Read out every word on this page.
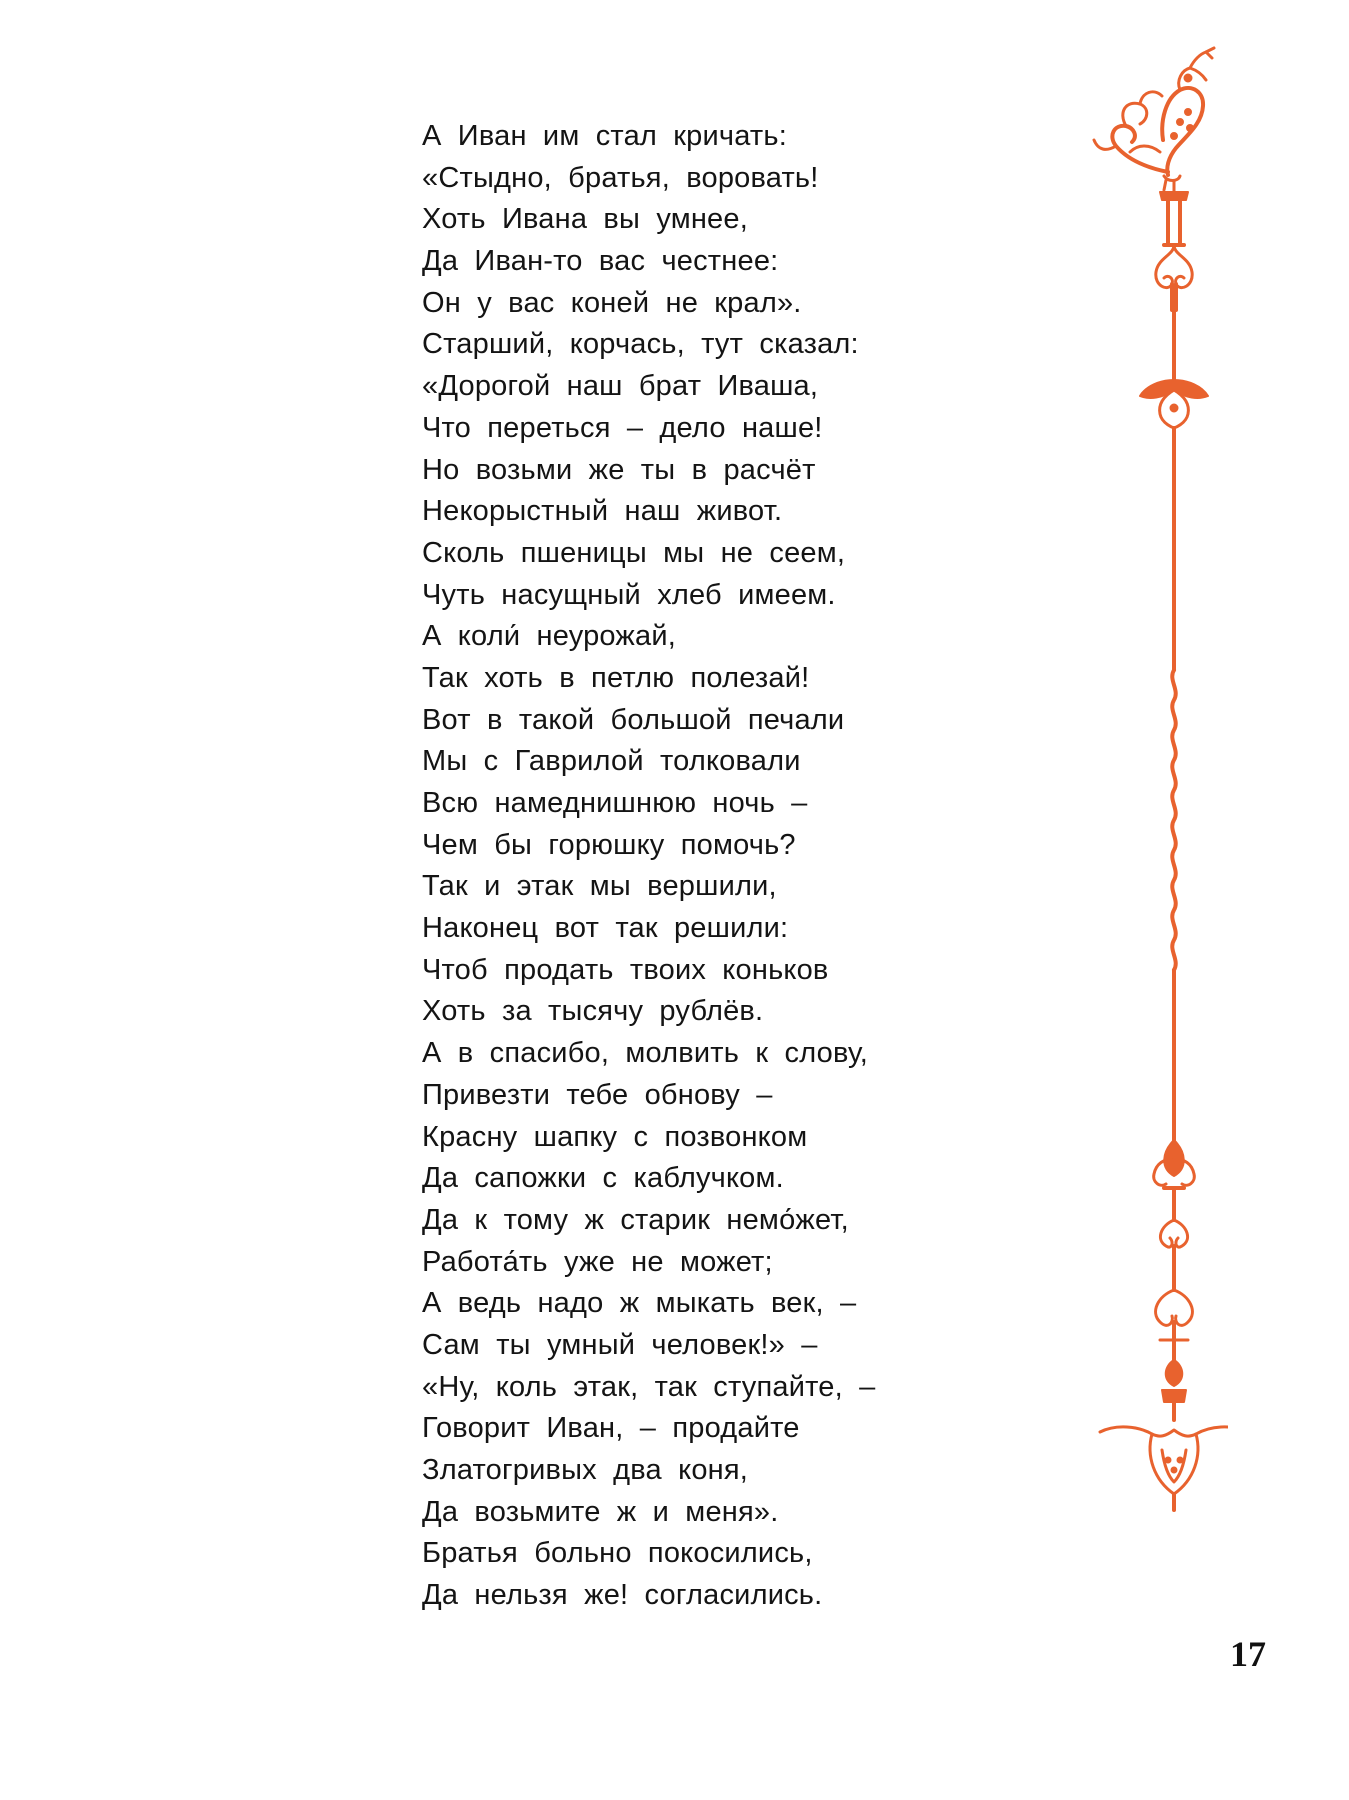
А Иван им стал кричать:
«Стыдно, братья, воровать!
Хоть Ивана вы умнее,
Да Иван-то вас честнее:
Он у вас коней не крал».
Старший, корчась, тут сказал:
«Дорогой наш брат Иваша,
Что переться – дело наше!
Но возьми же ты в расчёт
Некорыстный наш живот.
Сколь пшеницы мы не сеем,
Чуть насущный хлеб имеем.
А коли́ неурожай,
Так хоть в петлю полезай!
Вот в такой большой печали
Мы с Гаврилой толковали
Всю намеднишнюю ночь –
Чем бы горюшку помочь?
Так и этак мы вершили,
Наконец вот так решили:
Чтоб продать твоих коньков
Хоть за тысячу рублёв.
А в спасибо, молвить к слову,
Привезти тебе обнову –
Красну шапку с позвонком
Да сапожки с каблучком.
Да к тому ж старик немо́жет,
Работа́ть уже не может;
А ведь надо ж мыкать век, –
Сам ты умный человек!» –
«Ну, коль этак, так ступайте, –
Говорит Иван, – продайте
Златогривых два коня,
Да возьмите ж и меня».
Братья больно покосились,
Да нельзя же! согласились.
17
